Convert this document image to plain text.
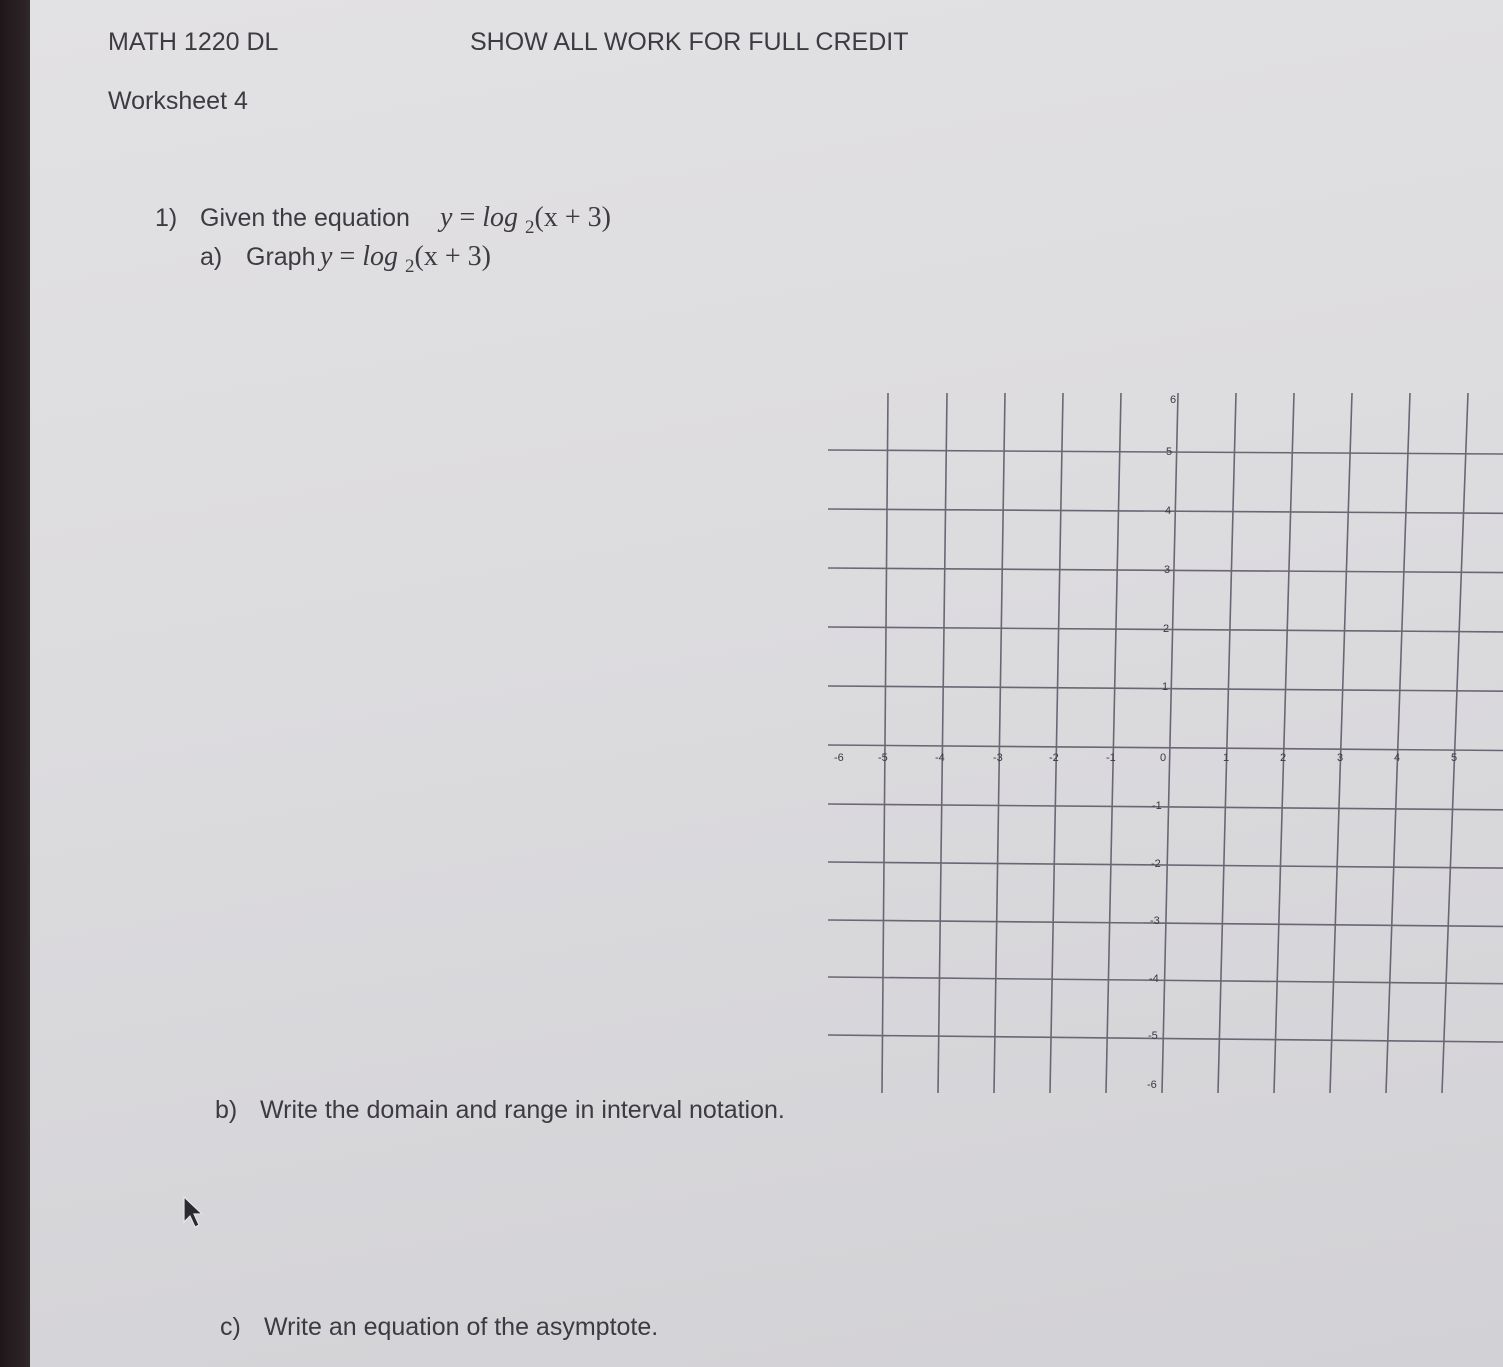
MATH 1220 DL	SHOW ALL WORK FOR FULL CREDIT
Worksheet 4
1) Given the equation y = log $_2$(x + 3)
a) Graph y = log $_2$(x + 3)
b) Write the domain and range in interval notation.
c) Write an equation of the asymptote.
-6	-5	-4	-3	-2	-1	0	1	2	3	4	5
6
5
4
3
2
1
-1
-2
-3
-4
-5
-6
